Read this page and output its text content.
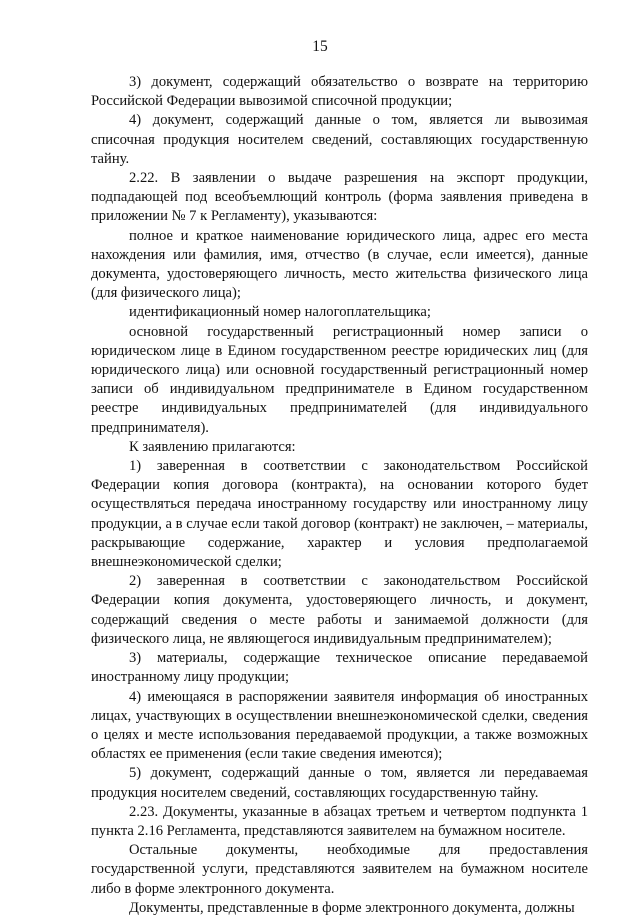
15

3) документ, содержащий обязательство о возврате на территорию Российской Федерации вывозимой списочной продукции;

4) документ, содержащий данные о том, является ли вывозимая списочная продукция носителем сведений, составляющих государственную тайну.

2.22. В заявлении о выдаче разрешения на экспорт продукции, подпадающей под всеобъемлющий контроль (форма заявления приведена в приложении № 7 к Регламенту), указываются:

полное и краткое наименование юридического лица, адрес его места нахождения или фамилия, имя, отчество (в случае, если имеется), данные документа, удостоверяющего личность, место жительства физического лица (для физического лица);

идентификационный номер налогоплательщика;

основной государственный регистрационный номер записи о юридическом лице в Едином государственном реестре юридических лиц (для юридического лица) или основной государственный регистрационный номер записи об индивидуальном предпринимателе в Едином государственном реестре индивидуальных предпринимателей (для индивидуального предпринимателя).

К заявлению прилагаются:

1) заверенная в соответствии с законодательством Российской Федерации копия договора (контракта), на основании которого будет осуществляться передача иностранному государству или иностранному лицу продукции, а в случае если такой договор (контракт) не заключен, – материалы, раскрывающие содержание, характер и условия предполагаемой внешнеэкономической сделки;

2) заверенная в соответствии с законодательством Российской Федерации копия документа, удостоверяющего личность, и документ, содержащий сведения о месте работы и занимаемой должности (для физического лица, не являющегося индивидуальным предпринимателем);

3) материалы, содержащие техническое описание передаваемой иностранному лицу продукции;

4) имеющаяся в распоряжении заявителя информация об иностранных лицах, участвующих в осуществлении внешнеэкономической сделки, сведения о целях и месте использования передаваемой продукции, а также возможных областях ее применения (если такие сведения имеются);

5) документ, содержащий данные о том, является ли передаваемая продукция носителем сведений, составляющих государственную тайну.

2.23. Документы, указанные в абзацах третьем и четвертом подпункта 1 пункта 2.16 Регламента, представляются заявителем на бумажном носителе.

Остальные документы, необходимые для предоставления государственной услуги, представляются заявителем на бумажном носителе либо в форме электронного документа.

Документы, представленные в форме электронного документа, должны
